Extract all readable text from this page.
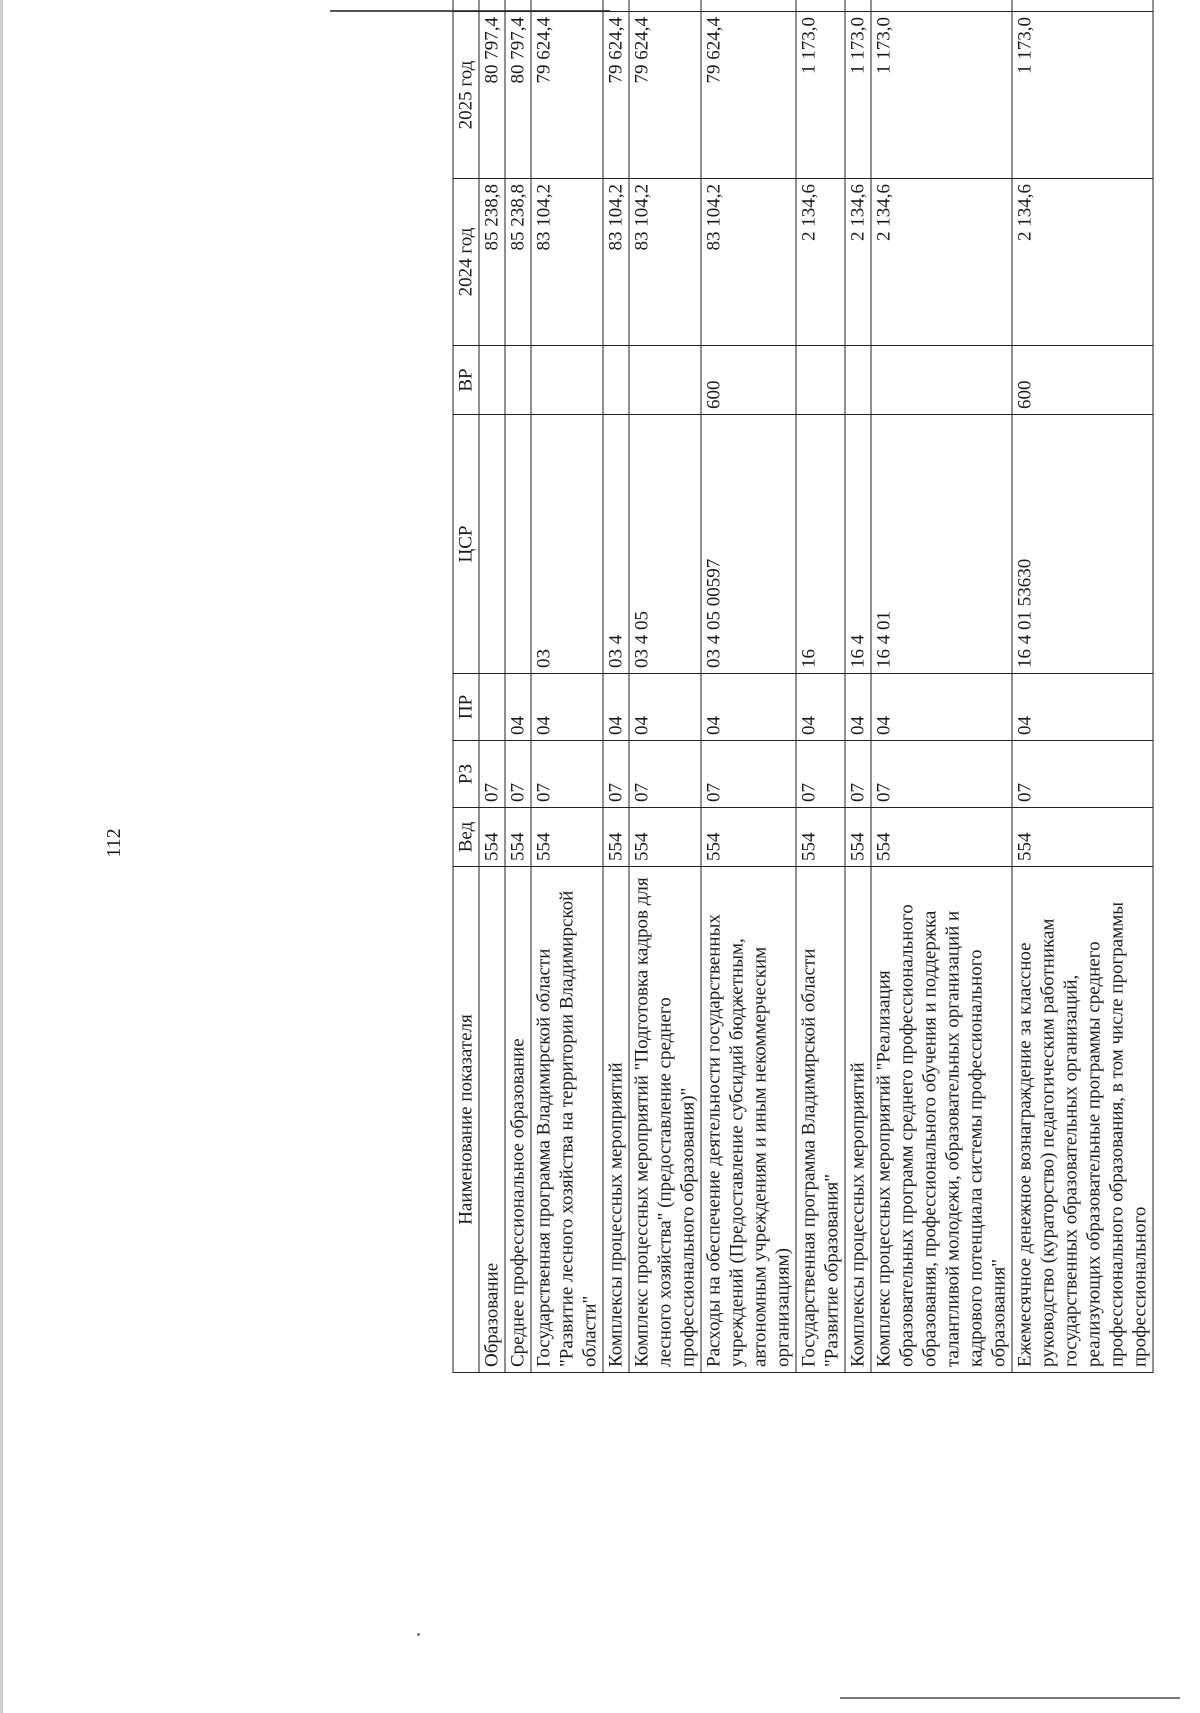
112
Наименование показателя	Вед	РЗ	ПР	ЦСР	ВР	2024 год	2025 год	
Образование	554	07				85 238,8	80 797,4	
Среднее профессиональное образование	554	07	04			85 238,8	80 797,4	
Государственная программа Владимирской области "Развитие лесного хозяйства на территории Владимирской области"	554	07	04	03		83 104,2	79 624,4	
Комплексы процессных мероприятий	554	07	04	03 4		83 104,2	79 624,4	
Комплекс процессных мероприятий "Подготовка кадров для лесного хозяйства" (предоставление среднего профессионального образования)"	554	07	04	03 4 05		83 104,2	79 624,4	
Расходы на обеспечение деятельности государственных учреждений (Предоставление субсидий бюджетным, автономным учреждениям и иным некоммерческим организациям)	554	07	04	03 4 05 00597	600	83 104,2	79 624,4	
Государственная программа Владимирской области "Развитие образования"	554	07	04	16		2 134,6	1 173,0	
Комплексы процессных мероприятий	554	07	04	16 4		2 134,6	1 173,0	
Комплекс процессных мероприятий "Реализация образовательных программ среднего профессионального образования, профессионального обучения и поддержка талантливой молодежи, образовательных организаций и кадрового потенциала системы профессионального образования"	554	07	04	16 4 01		2 134,6	1 173,0	
Ежемесячное денежное вознаграждение за классное руководство (кураторство) педагогическим работникам государственных образовательных организаций, реализующих образовательные программы среднего профессионального образования, в том числе программы профессионального	554	07	04	16 4 01 53630	600	2 134,6	1 173,0	
